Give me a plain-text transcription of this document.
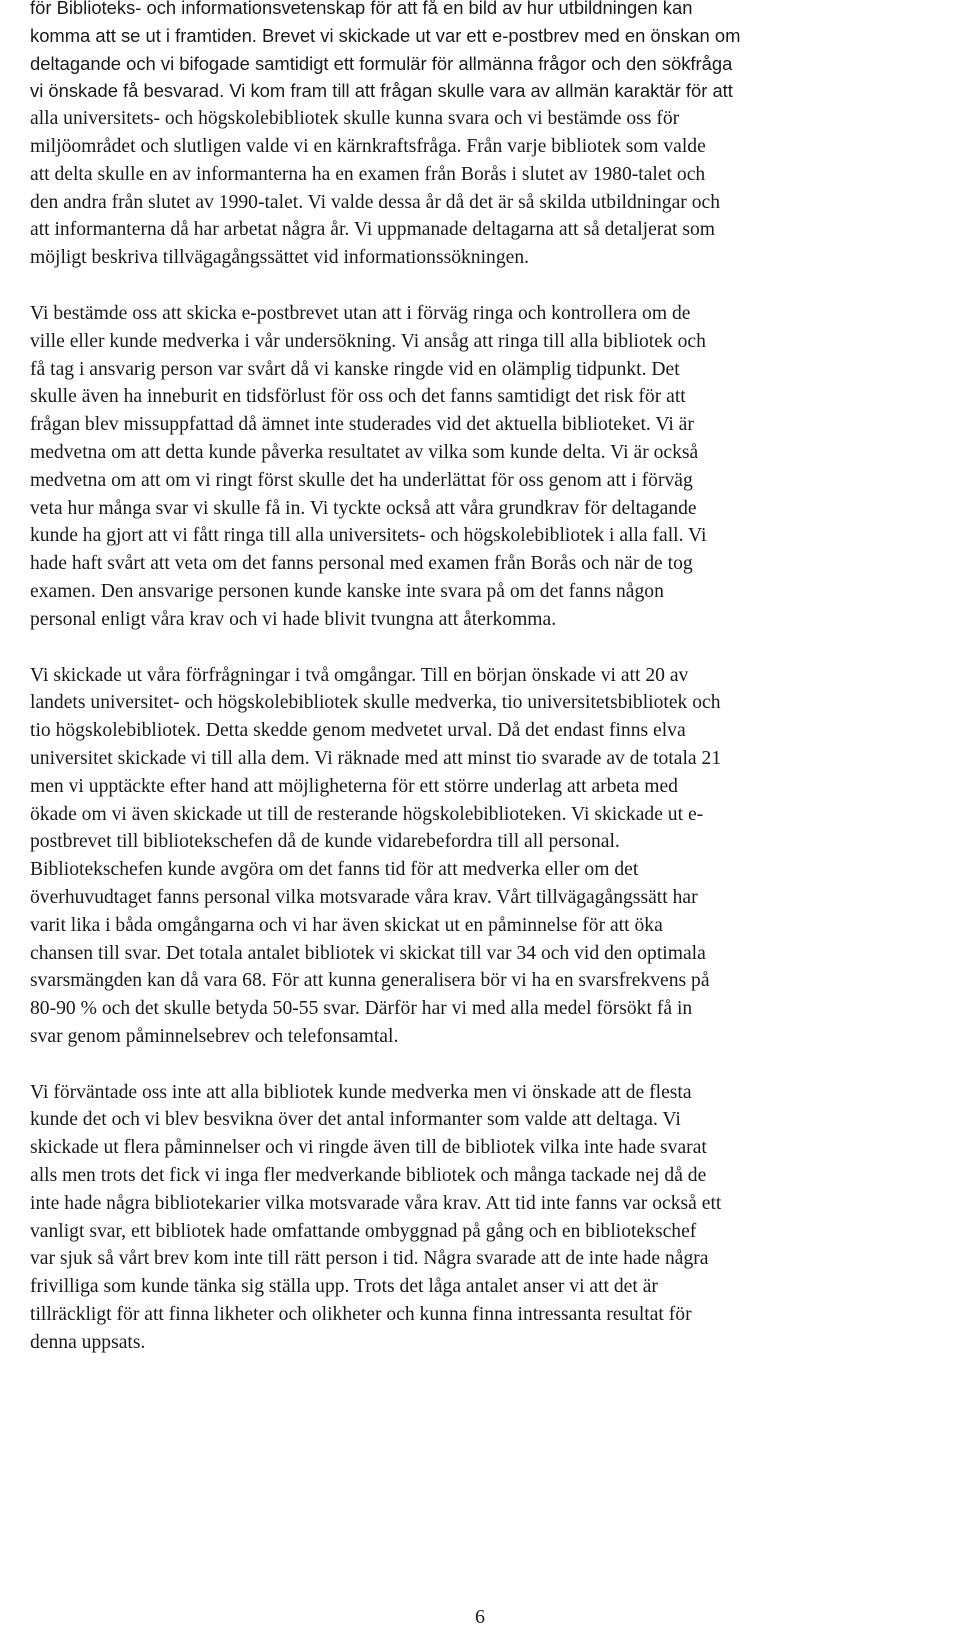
för Biblioteks- och informationsvetenskap för att få en bild av hur utbildningen kan
komma att se ut i framtiden. Brevet vi skickade ut var ett e-postbrev med en önskan om
deltagande och vi bifogade samtidigt ett formulär för allmänna frågor och den sökfråga
vi önskade få besvarad. Vi kom fram till att frågan skulle vara av allmän karaktär för att
alla universitets- och högskolebibliotek skulle kunna svara och vi bestämde oss för
miljöområdet och slutligen valde vi en kärnkraftsfråga. Från varje bibliotek som valde
att delta skulle en av informanterna ha en examen från Borås i slutet av 1980-talet och
den andra från slutet av 1990-talet. Vi valde dessa år då det är så skilda utbildningar och
att informanterna då har arbetat några år. Vi uppmanade deltagarna att så detaljerat som
möjligt beskriva tillvägagångssättet vid informationssökningen.
Vi bestämde oss att skicka e-postbrevet utan att i förväg ringa och kontrollera om de
ville eller kunde medverka i vår undersökning. Vi ansåg att ringa till alla bibliotek och
få tag i ansvarig person var svårt då vi kanske ringde vid en olämplig tidpunkt. Det
skulle även ha inneburit en tidsförlust för oss och det fanns samtidigt det risk för att
frågan blev missuppfattad då ämnet inte studerades vid det aktuella biblioteket. Vi är
medvetna om att detta kunde påverka resultatet av vilka som kunde delta. Vi är också
medvetna om att om vi ringt först skulle det ha underlättat för oss genom att i förväg
veta hur många svar vi skulle få in. Vi tyckte också att våra grundkrav för deltagande
kunde ha gjort att vi fått ringa till alla universitets- och högskolebibliotek i alla fall. Vi
hade haft svårt att veta om det fanns personal med examen från Borås och när de tog
examen. Den ansvarige personen kunde kanske inte svara på om det fanns någon
personal enligt våra krav och vi hade blivit tvungna att återkomma.
Vi skickade ut våra förfrågningar i två omgångar. Till en början önskade vi att 20 av
landets universitet- och högskolebibliotek skulle medverka, tio universitetsbibliotek och
tio högskolebibliotek. Detta skedde genom medvetet urval. Då det endast finns elva
universitet skickade vi till alla dem. Vi räknade med att minst tio svarade av de totala 21
men vi upptäckte efter hand att möjligheterna för ett större underlag att arbeta med
ökade om vi även skickade ut till de resterande högskolebiblioteken. Vi skickade ut e-
postbrevet till bibliotekschefen då de kunde vidarebefordra till all personal.
Bibliotekschefen kunde avgöra om det fanns tid för att medverka eller om det
överhuvudtaget fanns personal vilka motsvarade våra krav. Vårt tillvägagångssätt har
varit lika i båda omgångarna och vi har även skickat ut en påminnelse för att öka
chansen till svar. Det totala antalet bibliotek vi skickat till var 34 och vid den optimala
svarsmängden kan då vara 68. För att kunna generalisera bör vi ha en svarsfrekvens på
80-90 % och det skulle betyda 50-55 svar. Därför har vi med alla medel försökt få in
svar genom påminnelsebrev och telefonsamtal.
Vi förväntade oss inte att alla bibliotek kunde medverka men vi önskade att de flesta
kunde det och vi blev besvikna över det antal informanter som valde att deltaga. Vi
skickade ut flera påminnelser och vi ringde även till de bibliotek vilka inte hade svarat
alls men trots det fick vi inga fler medverkande bibliotek och många tackade nej då de
inte hade några bibliotekarier vilka motsvarade våra krav. Att tid inte fanns var också ett
vanligt svar, ett bibliotek hade omfattande ombyggnad på gång och en bibliotekschef
var sjuk så vårt brev kom inte till rätt person i tid. Några svarade att de inte hade några
frivilliga som kunde tänka sig ställa upp. Trots det låga antalet anser vi att det är
tillräckligt för att finna likheter och olikheter och kunna finna intressanta resultat för
denna uppsats.
6
